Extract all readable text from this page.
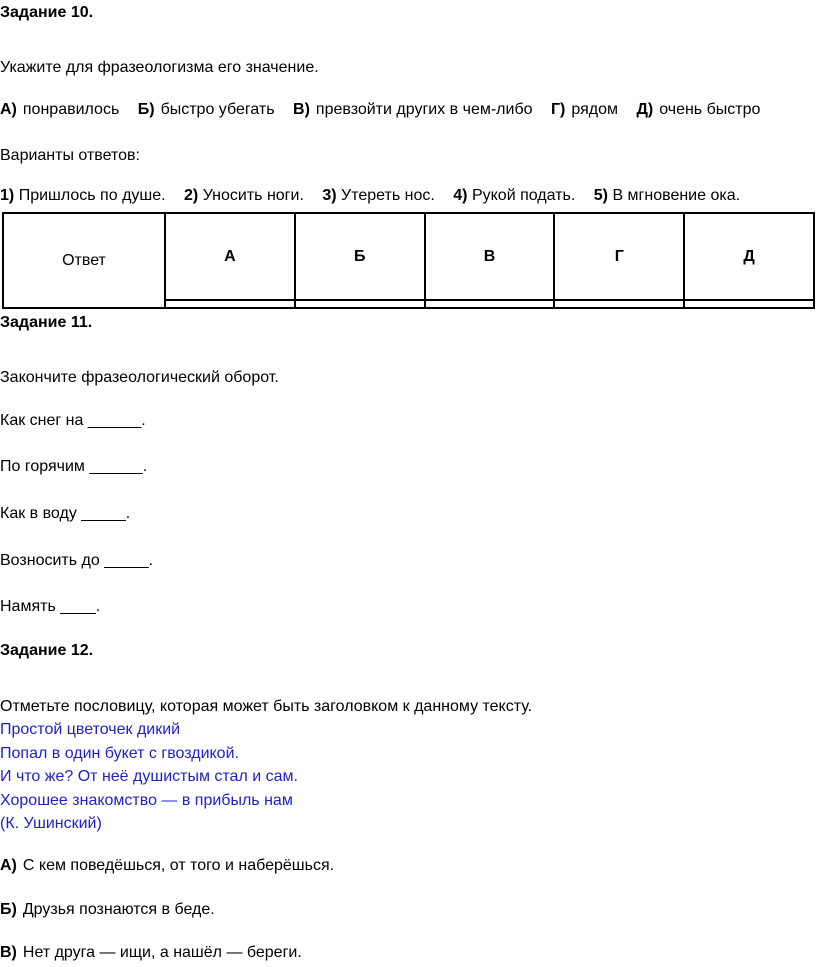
Задание 10.
Укажите для фразеологизма его значение.
А) понравилось Б) быстро убегать В) превзойти других в чем-либо Г) рядом Д) очень быстро
Варианты ответов:
1) Пришлось по душе. 2) Уносить ноги. 3) Утереть нос. 4) Рукой подать. 5) В мгновение ока.
Ответ	А	Б	В	Г	Д

Задание 11.
Закончите фразеологический оборот.
Как снег на ______.
По горячим ______.
Как в воду _____.
Возносить до _____.
Намять ____.
Задание 12.
Отметьте пословицу, которая может быть заголовком к данному тексту.
Простой цветочек дикий
Попал в один букет с гвоздикой.
И что же? От неё душистым стал и сам.
Хорошее знакомство — в прибыль нам
(К. Ушинский)
А) С кем поведёшься, от того и наберёшься.
Б) Друзья познаются в беде.
В) Нет друга — ищи, а нашёл — береги.
